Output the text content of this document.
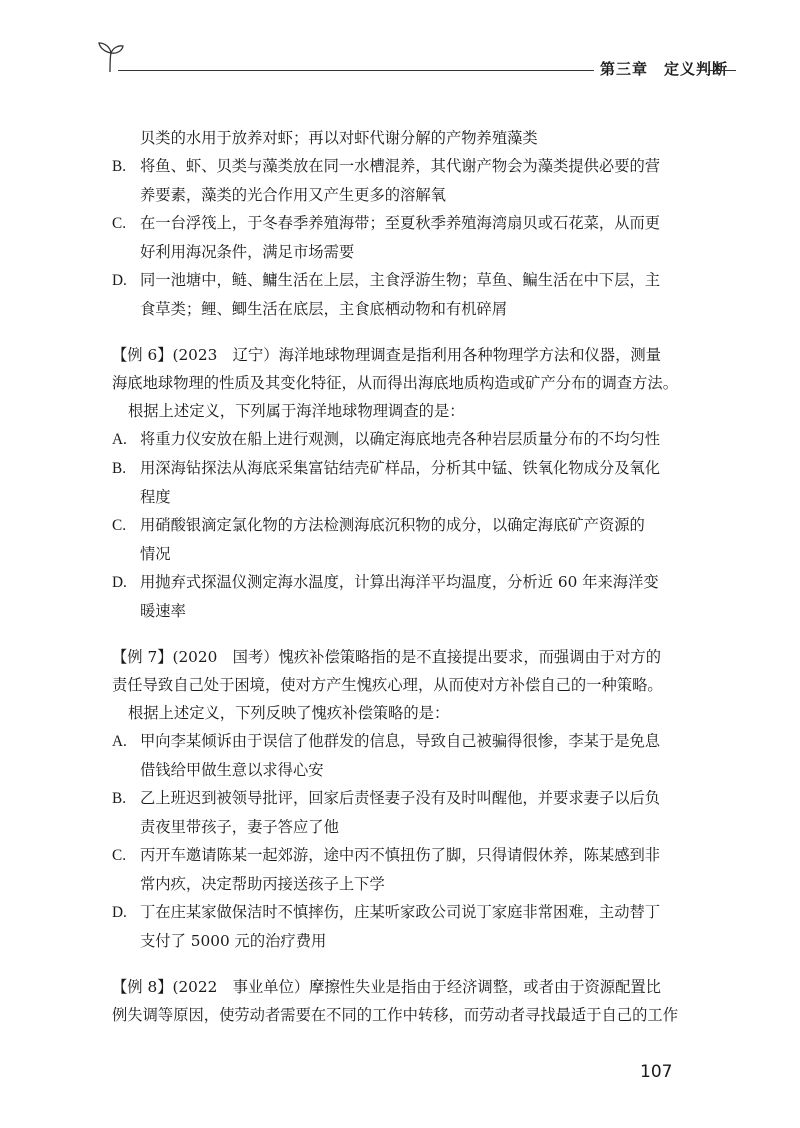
第三章　定义判断
贝类的水用于放养对虾；再以对虾代谢分解的产物养殖藻类
B. 将鱼、虾、贝类与藻类放在同一水槽混养，其代谢产物会为藻类提供必要的营
养要素，藻类的光合作用又产生更多的溶解氧
C. 在一台浮筏上，于冬春季养殖海带；至夏秋季养殖海湾扇贝或石花菜，从而更
好利用海况条件，满足市场需要
D. 同一池塘中，鲢、鳙生活在上层，主食浮游生物；草鱼、鳊生活在中下层，主
食草类；鲤、鲫生活在底层，主食底栖动物和有机碎屑
【例 6】(2023　辽宁）海洋地球物理调查是指利用各种物理学方法和仪器，测量
海底地球物理的性质及其变化特征，从而得出海底地质构造或矿产分布的调查方法。
根据上述定义，下列属于海洋地球物理调查的是：
A. 将重力仪安放在船上进行观测，以确定海底地壳各种岩层质量分布的不均匀性
B. 用深海钻探法从海底采集富钴结壳矿样品，分析其中锰、铁氧化物成分及氧化
程度
C. 用硝酸银滴定氯化物的方法检测海底沉积物的成分，以确定海底矿产资源的
情况
D. 用抛弃式探温仪测定海水温度，计算出海洋平均温度，分析近 60 年来海洋变
暖速率
【例 7】(2020　国考）愧疚补偿策略指的是不直接提出要求，而强调由于对方的
责任导致自己处于困境，使对方产生愧疚心理，从而使对方补偿自己的一种策略。
根据上述定义，下列反映了愧疚补偿策略的是：
A. 甲向李某倾诉由于误信了他群发的信息，导致自己被骗得很惨，李某于是免息
借钱给甲做生意以求得心安
B. 乙上班迟到被领导批评，回家后责怪妻子没有及时叫醒他，并要求妻子以后负
责夜里带孩子，妻子答应了他
C. 丙开车邀请陈某一起郊游，途中丙不慎扭伤了脚，只得请假休养，陈某感到非
常内疚，决定帮助丙接送孩子上下学
D. 丁在庄某家做保洁时不慎摔伤，庄某听家政公司说丁家庭非常困难，主动替丁
支付了 5000 元的治疗费用
【例 8】(2022　事业单位）摩擦性失业是指由于经济调整，或者由于资源配置比
例失调等原因，使劳动者需要在不同的工作中转移，而劳动者寻找最适于自己的工作
107
